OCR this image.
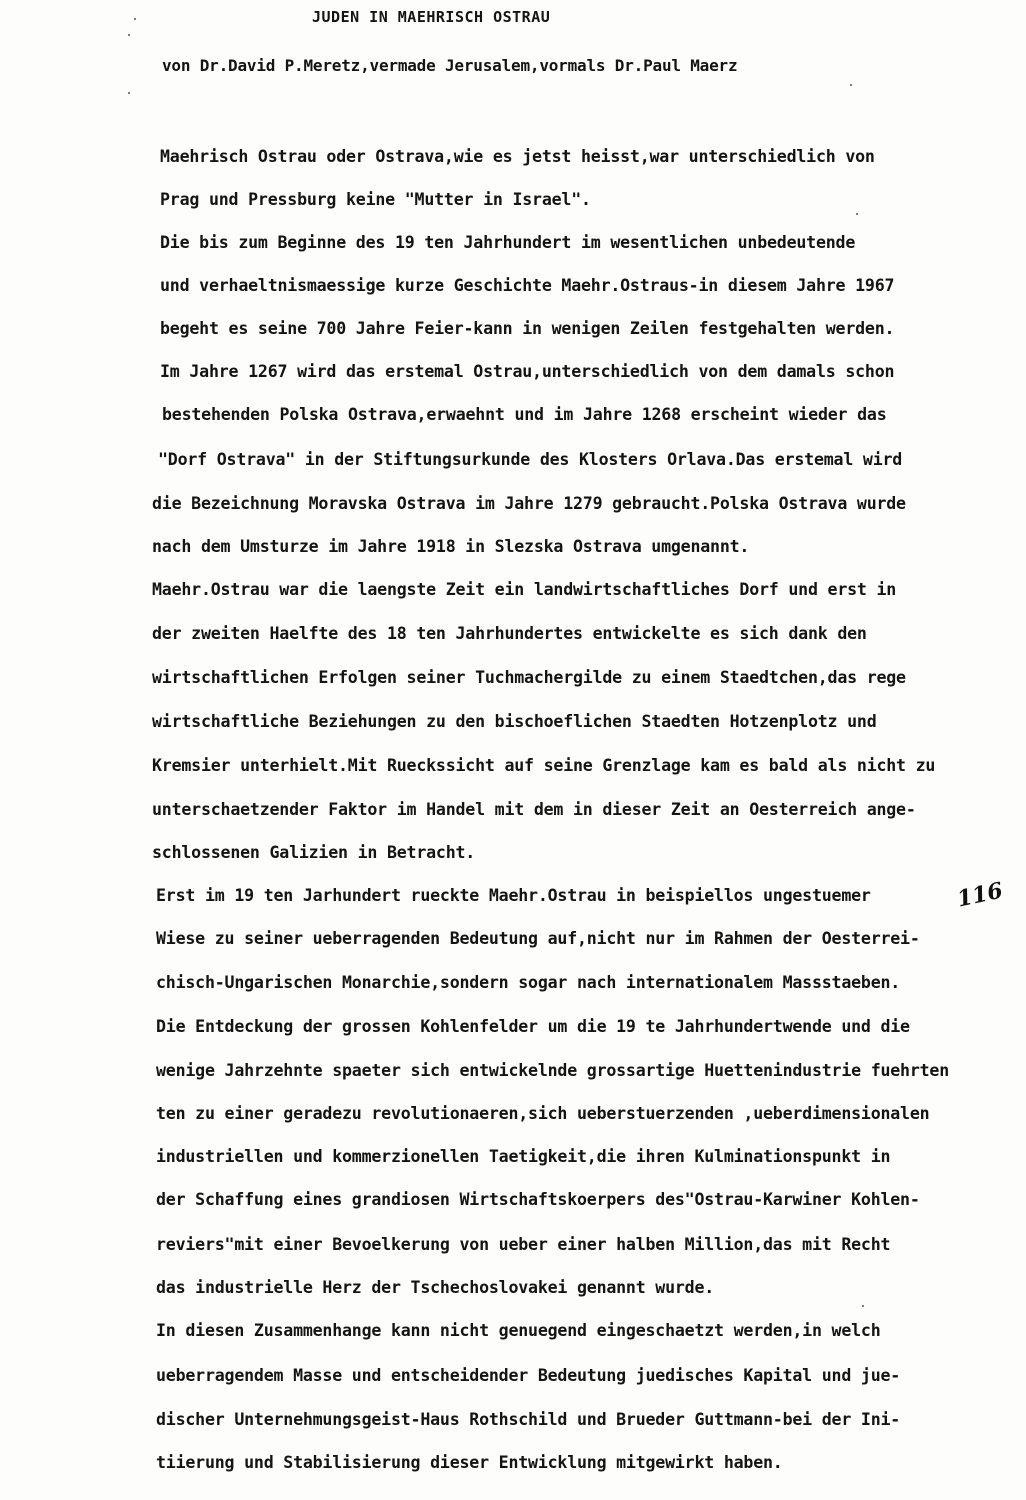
JUDEN IN MAEHRISCH OSTRAU
von Dr.David P.Meretz,vermade Jerusalem,vormals Dr.Paul Maerz
Maehrisch Ostrau oder Ostrava,wie es jetst heisst,war unterschiedlich von
Prag und Pressburg keine "Mutter in Israel".
Die bis zum Beginne des 19 ten Jahrhundert im wesentlichen unbedeutende
und verhaeltnismaessige kurze Geschichte Maehr.Ostraus-in diesem Jahre 1967
begeht es seine 700 Jahre Feier-kann in wenigen Zeilen festgehalten werden.
Im Jahre 1267 wird das erstemal Ostrau,unterschiedlich von dem damals schon
bestehenden Polska Ostrava,erwaehnt und im Jahre 1268 erscheint wieder das
"Dorf Ostrava" in der Stiftungsurkunde des Klosters Orlava.Das erstemal wird
die Bezeichnung Moravska Ostrava im Jahre 1279 gebraucht.Polska Ostrava wurde
nach dem Umsturze im Jahre 1918 in Slezska Ostrava umgenannt.
Maehr.Ostrau war die laengste Zeit ein landwirtschaftliches Dorf und erst in
der zweiten Haelfte des 18 ten Jahrhundertes entwickelte es sich dank den
wirtschaftlichen Erfolgen seiner Tuchmachergilde zu einem Staedtchen,das rege
wirtschaftliche Beziehungen zu den bischoeflichen Staedten Hotzenplotz und
Kremsier unterhielt.Mit Rueckssicht auf seine Grenzlage kam es bald als nicht zu
unterschaetzender Faktor im Handel mit dem in dieser Zeit an Oesterreich ange-
schlossenen Galizien in Betracht.
Erst im 19 ten Jarhundert rueckte Maehr.Ostrau in beispiellos ungestuemer
Wiese zu seiner ueberragenden Bedeutung auf,nicht nur im Rahmen der Oesterrei-
chisch-Ungarischen Monarchie,sondern sogar nach internationalem Massstaeben.
Die Entdeckung der grossen Kohlenfelder um die 19 te Jahrhundertwende und die
wenige Jahrzehnte spaeter sich entwickelnde grossartige Huettenindustrie fuehrten
ten zu einer geradezu revolutionaeren,sich ueberstuerzenden ,ueberdimensionalen
industriellen und kommerzionellen Taetigkeit,die ihren Kulminationspunkt in
der Schaffung eines grandiosen Wirtschaftskoerpers des"Ostrau-Karwiner Kohlen-
reviers"mit einer Bevoelkerung von ueber einer halben Million,das mit Recht
das industrielle Herz der Tschechoslovakei genannt wurde.
In diesen Zusammenhange kann nicht genuegend eingeschaetzt werden,in welch
ueberragendem Masse und entscheidender Bedeutung juedisches Kapital und jue-
discher Unternehmungsgeist-Haus Rothschild und Brueder Guttmann-bei der Ini-
tiierung und Stabilisierung dieser Entwicklung mitgewirkt haben.
116
